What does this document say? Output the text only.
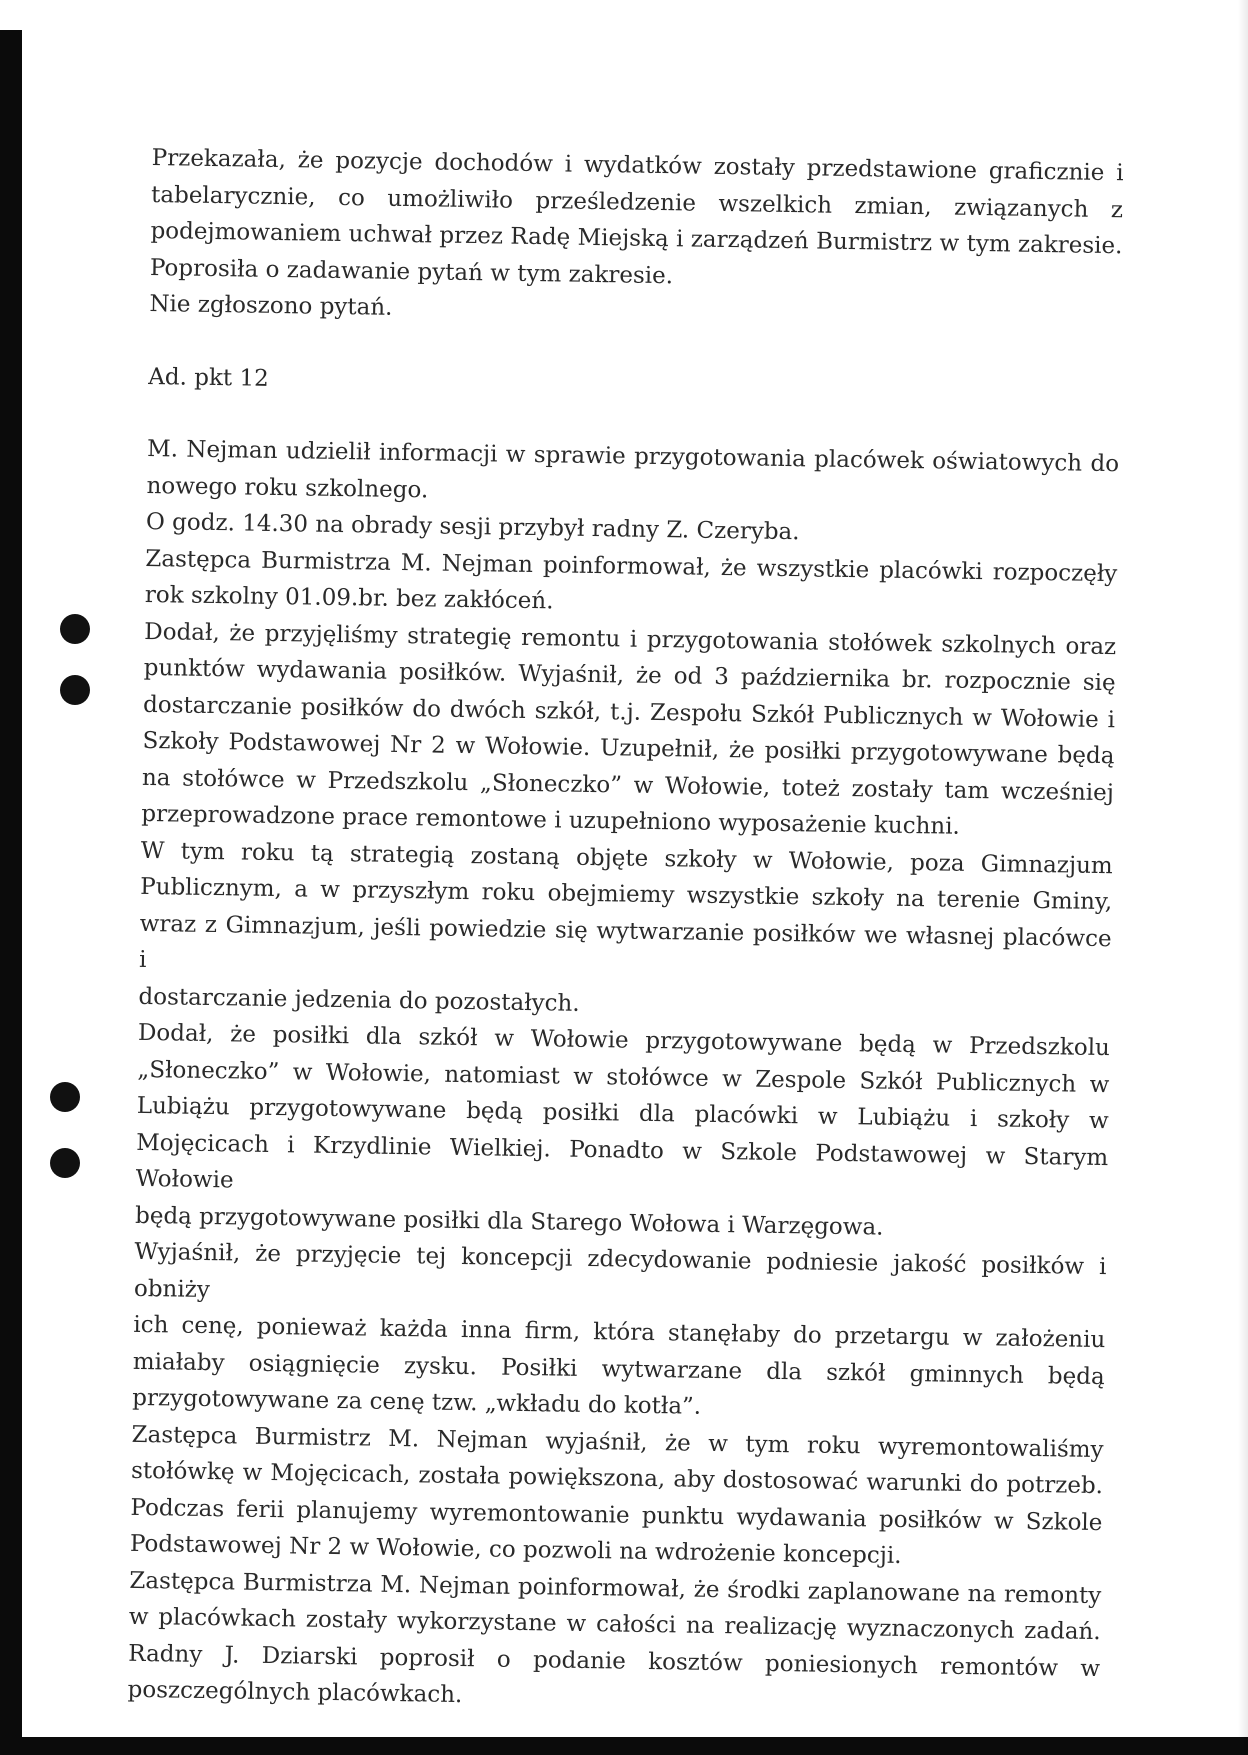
Przekazała, że pozycje dochodów i wydatków zostały przedstawione graficznie i
tabelarycznie, co umożliwiło prześledzenie wszelkich zmian, związanych z
podejmowaniem uchwał przez Radę Miejską i zarządzeń Burmistrz w tym zakresie.
Poprosiła o zadawanie pytań w tym zakresie.
Nie zgłoszono pytań.
Ad. pkt 12
M. Nejman udzielił informacji w sprawie przygotowania placówek oświatowych do
nowego roku szkolnego.
O godz. 14.30 na obrady sesji przybył radny Z. Czeryba.
Zastępca Burmistrza M. Nejman poinformował, że wszystkie placówki rozpoczęły
rok szkolny 01.09.br. bez zakłóceń.
Dodał, że przyjęliśmy strategię remontu i przygotowania stołówek szkolnych oraz
punktów wydawania posiłków. Wyjaśnił, że od 3 października br. rozpocznie się
dostarczanie posiłków do dwóch szkół, t.j. Zespołu Szkół Publicznych w Wołowie i
Szkoły Podstawowej Nr 2 w Wołowie. Uzupełnił, że posiłki przygotowywane będą
na stołówce w Przedszkolu „Słoneczko” w Wołowie, toteż zostały tam wcześniej
przeprowadzone prace remontowe i uzupełniono wyposażenie kuchni.
W tym roku tą strategią zostaną objęte szkoły w Wołowie, poza Gimnazjum
Publicznym, a w przyszłym roku obejmiemy wszystkie szkoły na terenie Gminy,
wraz z Gimnazjum, jeśli powiedzie się wytwarzanie posiłków we własnej placówce i
dostarczanie jedzenia do pozostałych.
Dodał, że posiłki dla szkół w Wołowie przygotowywane będą w Przedszkolu
„Słoneczko” w Wołowie, natomiast w stołówce w Zespole Szkół Publicznych w
Lubiążu przygotowywane będą posiłki dla placówki w Lubiążu i szkoły w
Mojęcicach i Krzydlinie Wielkiej. Ponadto w Szkole Podstawowej w Starym Wołowie
będą przygotowywane posiłki dla Starego Wołowa i Warzęgowa.
Wyjaśnił, że przyjęcie tej koncepcji zdecydowanie podniesie jakość posiłków i obniży
ich cenę, ponieważ każda inna firm, która stanęłaby do przetargu w założeniu
miałaby osiągnięcie zysku. Posiłki wytwarzane dla szkół gminnych będą
przygotowywane za cenę tzw. „wkładu do kotła”.
Zastępca Burmistrz M. Nejman wyjaśnił, że w tym roku wyremontowaliśmy
stołówkę w Mojęcicach, została powiększona, aby dostosować warunki do potrzeb.
Podczas ferii planujemy wyremontowanie punktu wydawania posiłków w Szkole
Podstawowej Nr 2 w Wołowie, co pozwoli na wdrożenie koncepcji.
Zastępca Burmistrza M. Nejman poinformował, że środki zaplanowane na remonty
w placówkach zostały wykorzystane w całości na realizację wyznaczonych zadań.
Radny J. Dziarski poprosił o podanie kosztów poniesionych remontów w
poszczególnych placówkach.
